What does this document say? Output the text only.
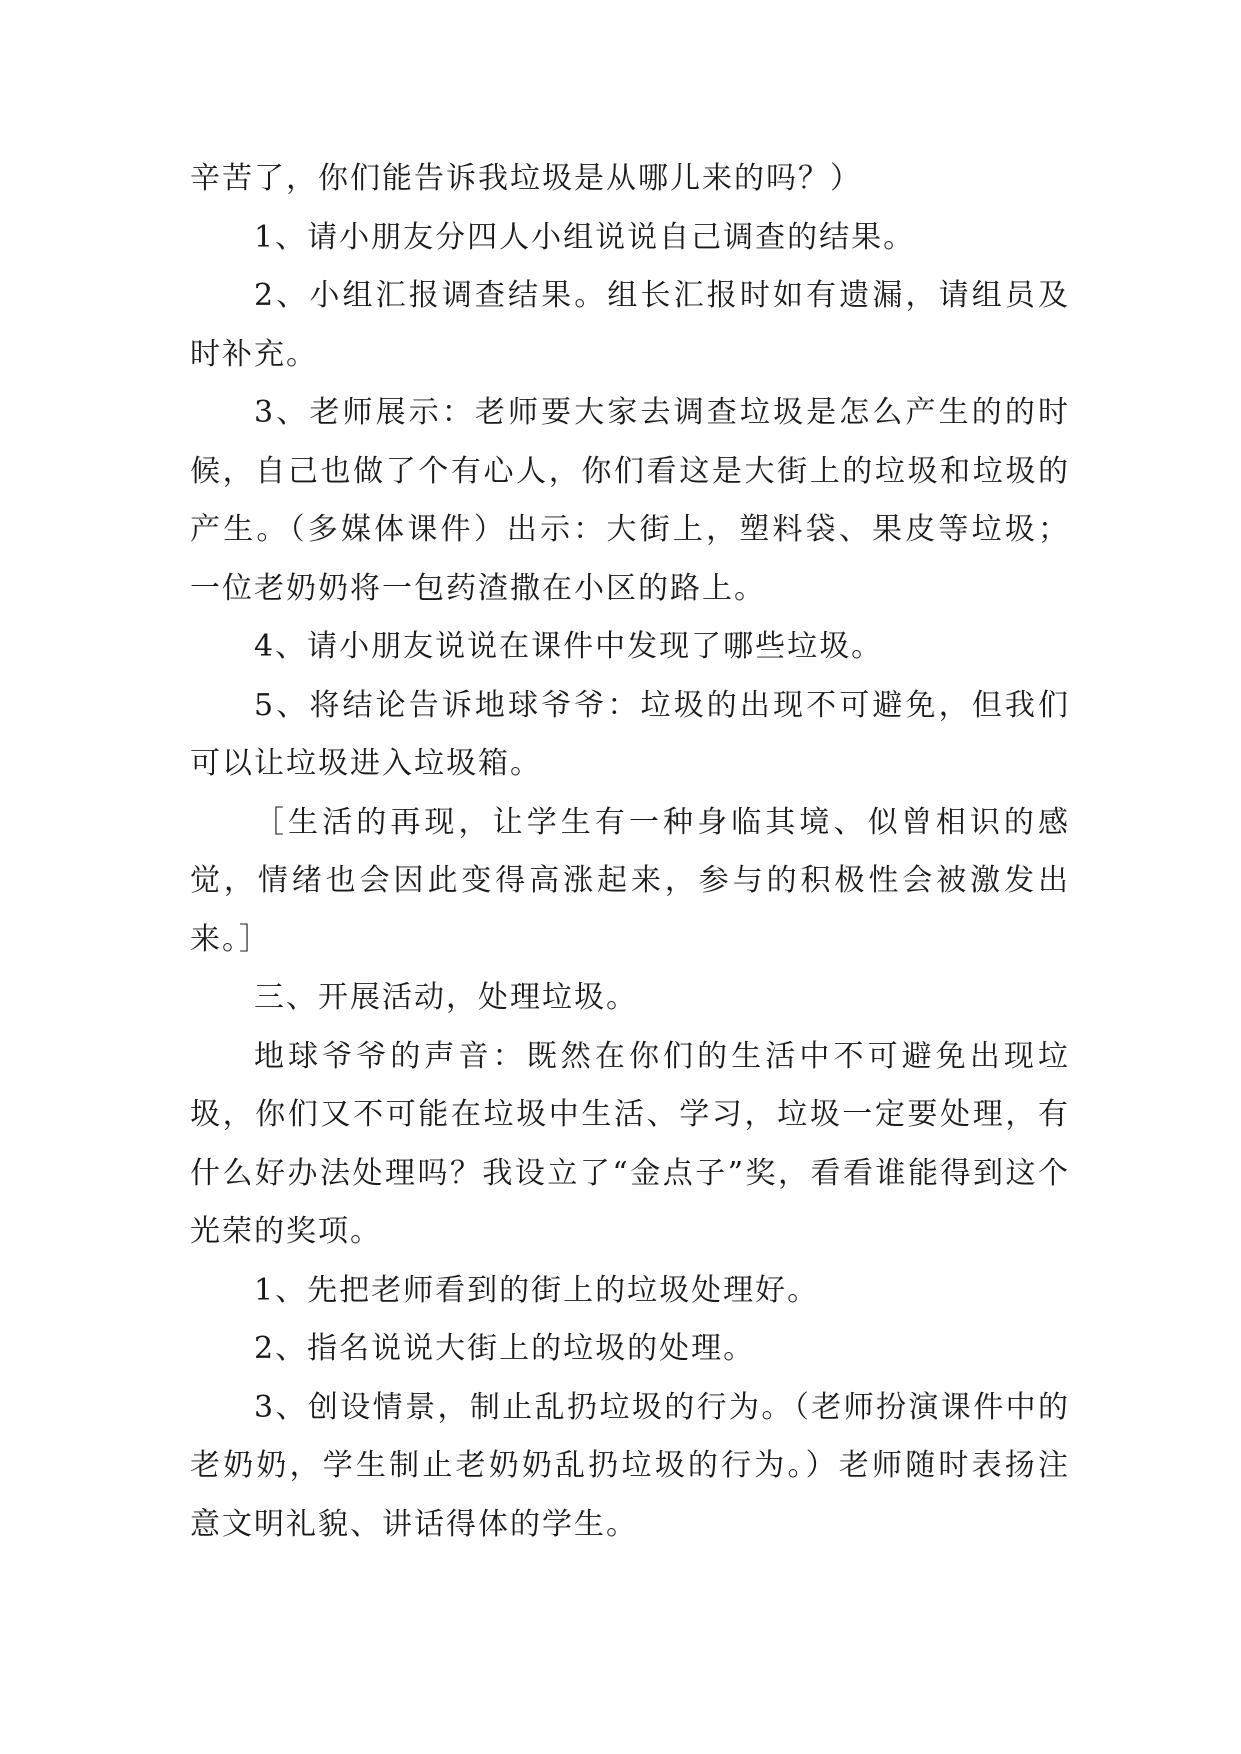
辛苦了，你们能告诉我垃圾是从哪儿来的吗？）

1、请小朋友分四人小组说说自己调查的结果。

2、小组汇报调查结果。组长汇报时如有遗漏，请组员及时补充。

3、老师展示：老师要大家去调查垃圾是怎么产生的的时候，自己也做了个有心人，你们看这是大街上的垃圾和垃圾的产生。（多媒体课件）出示：大街上，塑料袋、果皮等垃圾；一位老奶奶将一包药渣撒在小区的路上。

4、请小朋友说说在课件中发现了哪些垃圾。

5、将结论告诉地球爷爷：垃圾的出现不可避免，但我们可以让垃圾进入垃圾箱。

［生活的再现，让学生有一种身临其境、似曾相识的感觉，情绪也会因此变得高涨起来，参与的积极性会被激发出来。］

三、开展活动，处理垃圾。

地球爷爷的声音：既然在你们的生活中不可避免出现垃圾，你们又不可能在垃圾中生活、学习，垃圾一定要处理，有什么好办法处理吗？我设立了“金点子”奖，看看谁能得到这个光荣的奖项。

1、先把老师看到的街上的垃圾处理好。

2、指名说说大街上的垃圾的处理。

3、创设情景，制止乱扔垃圾的行为。（老师扮演课件中的老奶奶，学生制止老奶奶乱扔垃圾的行为。）老师随时表扬注意文明礼貌、讲话得体的学生。
